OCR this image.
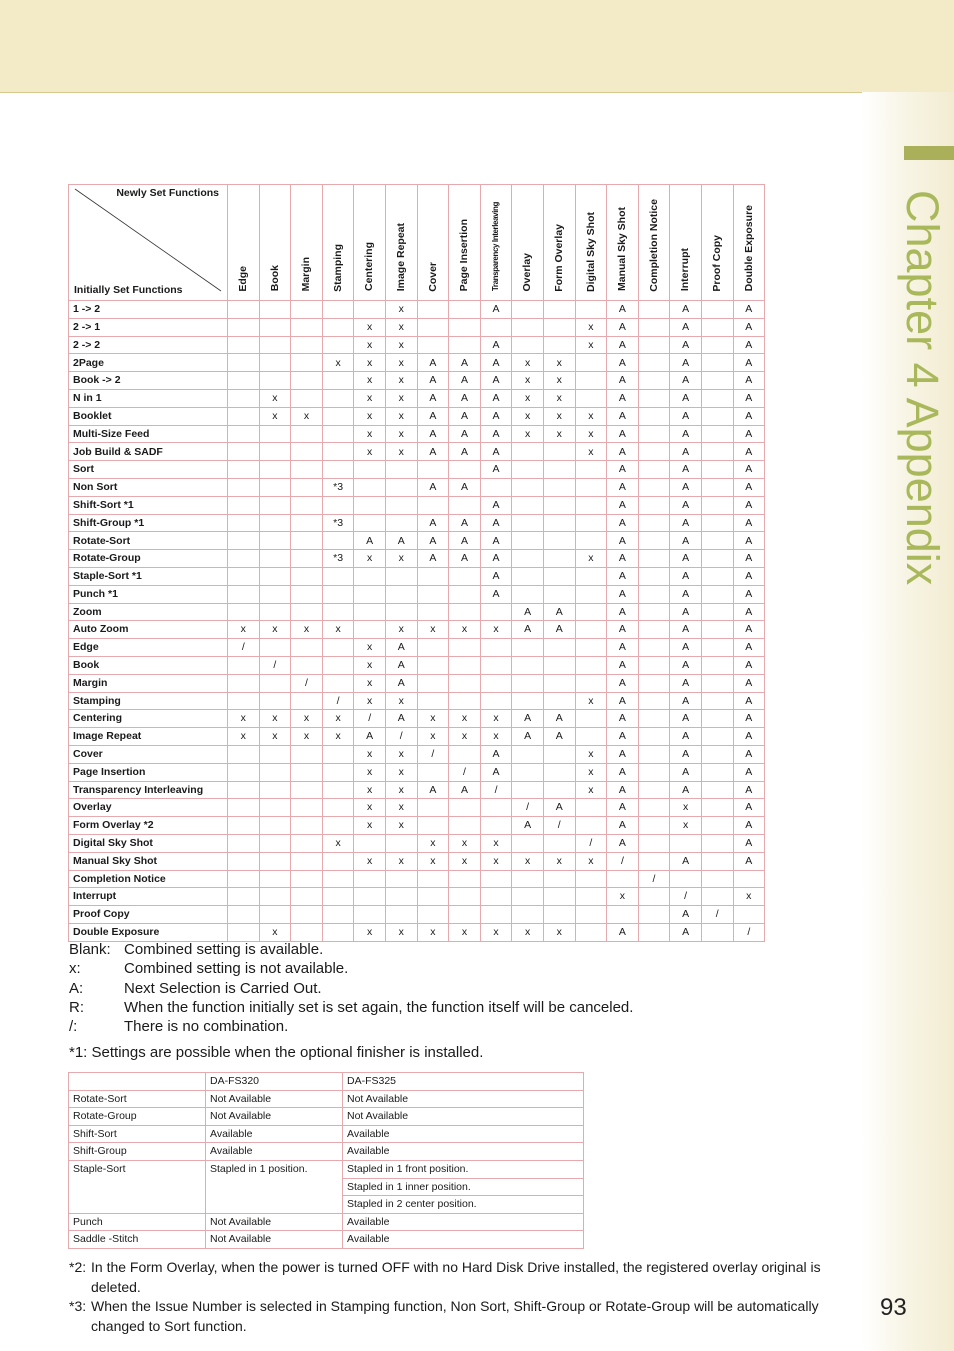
Chapter 4 Appendix
Newly Set Functions
Initially Set Functions	Edge	Book	Margin	Stamping	Centering	Image Repeat	Cover	Page Insertion	Transparency Interleaving	Overlay	Form Overlay	Digital Sky Shot	Manual Sky Shot	Completion Notice	Interrupt	Proof Copy	Double Exposure
1 -> 2						x			A				A		A		A
2 -> 1					x	x						x	A		A		A
2 -> 2					x	x			A			x	A		A		A
2Page				x	x	x	A	A	A	x	x		A		A		A
Book -> 2					x	x	A	A	A	x	x		A		A		A
N in 1		x			x	x	A	A	A	x	x		A		A		A
Booklet		x	x		x	x	A	A	A	x	x	x	A		A		A
Multi-Size Feed					x	x	A	A	A	x	x	x	A		A		A
Job Build & SADF					x	x	A	A	A			x	A		A		A
Sort									A				A		A		A
Non Sort				*3			A	A					A		A		A
Shift-Sort *1									A				A		A		A
Shift-Group *1				*3			A	A	A				A		A		A
Rotate-Sort					A	A	A	A	A				A		A		A
Rotate-Group				*3	x	x	A	A	A			x	A		A		A
Staple-Sort *1									A				A		A		A
Punch *1									A				A		A		A
Zoom										A	A		A		A		A
Auto Zoom	x	x	x	x		x	x	x	x	A	A		A		A		A
Edge	/				x	A							A		A		A
Book		/			x	A							A		A		A
Margin			/		x	A							A		A		A
Stamping				/	x	x						x	A		A		A
Centering	x	x	x	x	/	A	x	x	x	A	A		A		A		A
Image Repeat	x	x	x	x	A	/	x	x	x	A	A		A		A		A
Cover					x	x	/		A			x	A		A		A
Page Insertion					x	x		/	A			x	A		A		A
Transparency Interleaving					x	x	A	A	/			x	A		A		A
Overlay					x	x				/	A		A		x		A
Form Overlay *2					x	x				A	/		A		x		A
Digital Sky Shot				x			x	x	x			/	A				A
Manual Sky Shot					x	x	x	x	x	x	x	x	/		A		A
Completion Notice														/			
Interrupt													x		/		x
Proof Copy															A	/	
Double Exposure		x			x	x	x	x	x	x	x		A		A		/
Blank: Combined setting is available.
x:	Combined setting is not available.
A:	Next Selection is Carried Out.
R:	When the function initially set is set again, the function itself will be canceled.
/:	There is no combination.
*1: Settings are possible when the optional finisher is installed.
	DA-FS320	DA-FS325
Rotate-Sort	Not Available	Not Available
Rotate-Group	Not Available	Not Available
Shift-Sort	Available	Available
Shift-Group	Available	Available
Staple-Sort	Stapled in 1 position.	Stapled in 1 front position.
		Stapled in 1 inner position.
		Stapled in 2 center position.
Punch	Not Available	Available
Saddle -Stitch	Not Available	Available
*2: In the Form Overlay, when the power is turned OFF with no Hard Disk Drive installed, the registered overlay original is deleted.
*3: When the Issue Number is selected in Stamping function, Non Sort, Shift-Group or Rotate-Group will be automatically changed to Sort function.
93
